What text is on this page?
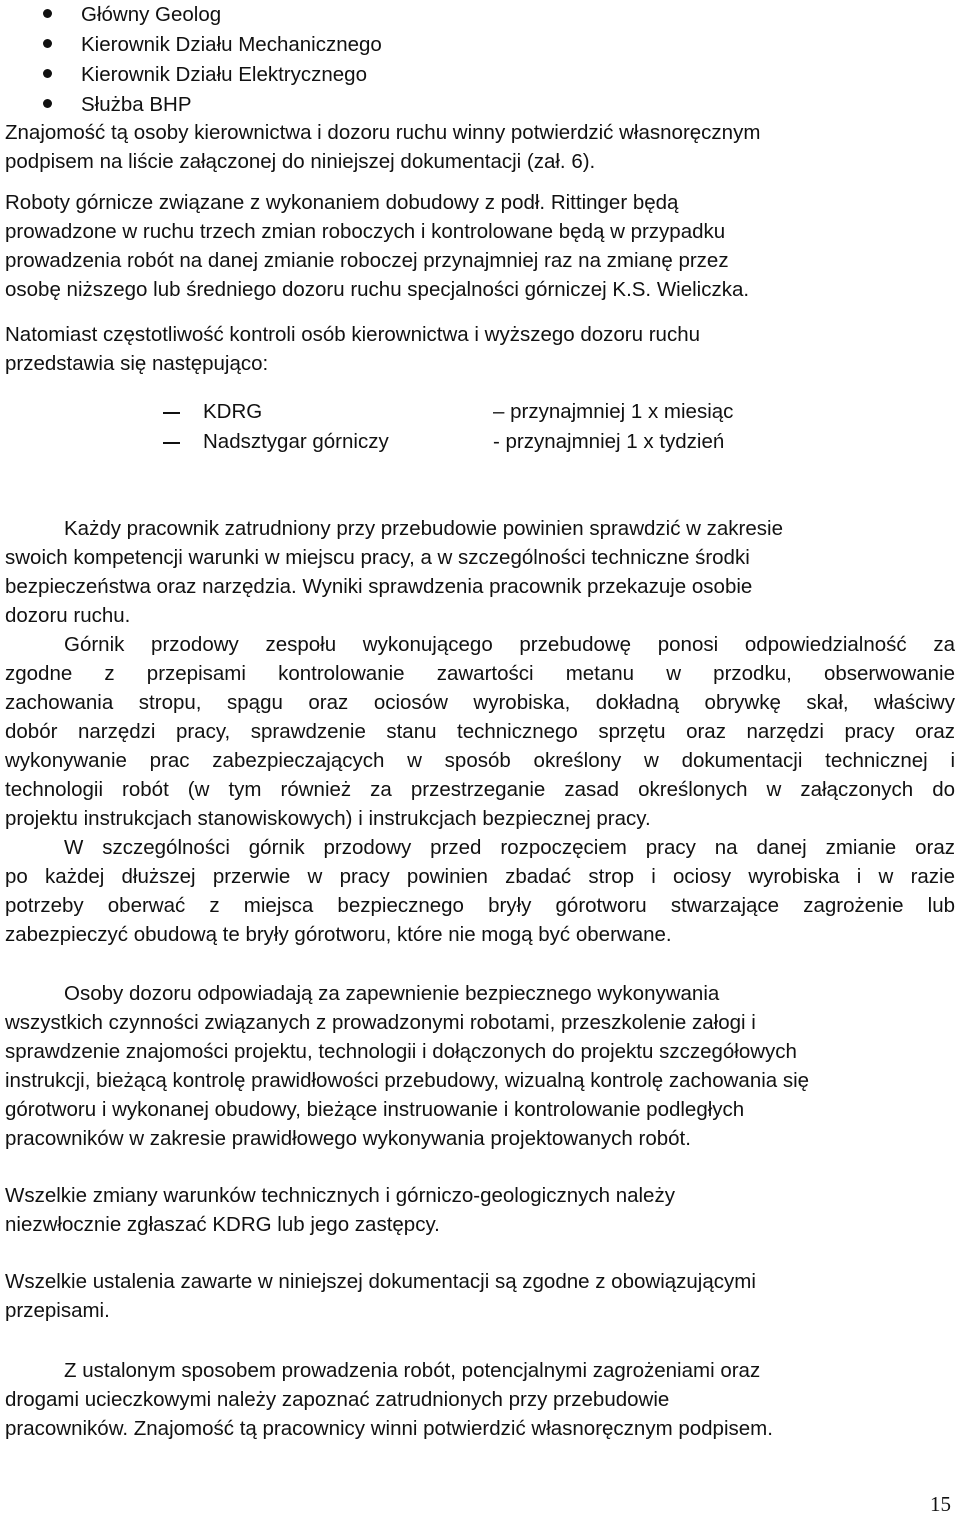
Główny Geolog
Kierownik Działu Mechanicznego
Kierownik Działu Elektrycznego
Służba BHP
Znajomość tą osoby kierownictwa i dozoru ruchu winny potwierdzić własnoręcznym
podpisem na liście załączonej do niniejszej dokumentacji (zał. 6).
Roboty górnicze związane z wykonaniem dobudowy z podł. Rittinger będą
prowadzone w ruchu trzech zmian roboczych i kontrolowane będą w przypadku
prowadzenia robót na danej zmianie roboczej przynajmniej raz na zmianę przez
osobę niższego lub średniego dozoru ruchu specjalności górniczej K.S. Wieliczka.
Natomiast częstotliwość kontroli osób kierownictwa i wyższego dozoru ruchu
przedstawia się następująco:
KDRG	– przynajmniej 1 x miesiąc
Nadsztygar górniczy	- przynajmniej 1 x tydzień
Każdy pracownik zatrudniony przy przebudowie powinien sprawdzić w zakresie
swoich kompetencji warunki w miejscu pracy, a w szczególności techniczne środki
bezpieczeństwa oraz narzędzia. Wyniki sprawdzenia pracownik przekazuje osobie
dozoru ruchu.
Górnik przodowy zespołu wykonującego przebudowę ponosi odpowiedzialność za
zgodne z przepisami kontrolowanie zawartości metanu w przodku, obserwowanie
zachowania stropu, spągu oraz ociosów wyrobiska, dokładną obrywkę skał, właściwy
dobór narzędzi pracy, sprawdzenie stanu technicznego sprzętu oraz narzędzi pracy oraz
wykonywanie prac zabezpieczających w sposób określony w dokumentacji technicznej i
technologii robót (w tym również za przestrzeganie zasad określonych w załączonych do
projektu instrukcjach stanowiskowych) i instrukcjach bezpiecznej pracy.
W szczególności górnik przodowy przed rozpoczęciem pracy na danej zmianie oraz
po każdej dłuższej przerwie w pracy powinien zbadać strop i ociosy wyrobiska i w razie
potrzeby oberwać z miejsca bezpiecznego bryły górotworu stwarzające zagrożenie lub
zabezpieczyć obudową te bryły górotworu, które nie mogą być oberwane.
Osoby dozoru odpowiadają za zapewnienie bezpiecznego wykonywania
wszystkich czynności związanych z prowadzonymi robotami, przeszkolenie załogi i
sprawdzenie znajomości projektu, technologii i dołączonych do projektu szczegółowych
instrukcji, bieżącą kontrolę prawidłowości przebudowy, wizualną kontrolę zachowania się
górotworu i wykonanej obudowy, bieżące instruowanie i kontrolowanie podległych
pracowników w zakresie prawidłowego wykonywania projektowanych robót.
Wszelkie zmiany warunków technicznych i górniczo-geologicznych należy
niezwłocznie zgłaszać KDRG lub jego zastępcy.
Wszelkie ustalenia zawarte w niniejszej dokumentacji są zgodne z obowiązującymi
przepisami.
Z ustalonym sposobem prowadzenia robót, potencjalnymi zagrożeniami oraz
drogami ucieczkowymi należy zapoznać zatrudnionych przy przebudowie
pracowników. Znajomość tą pracownicy winni potwierdzić własnoręcznym podpisem.
15
